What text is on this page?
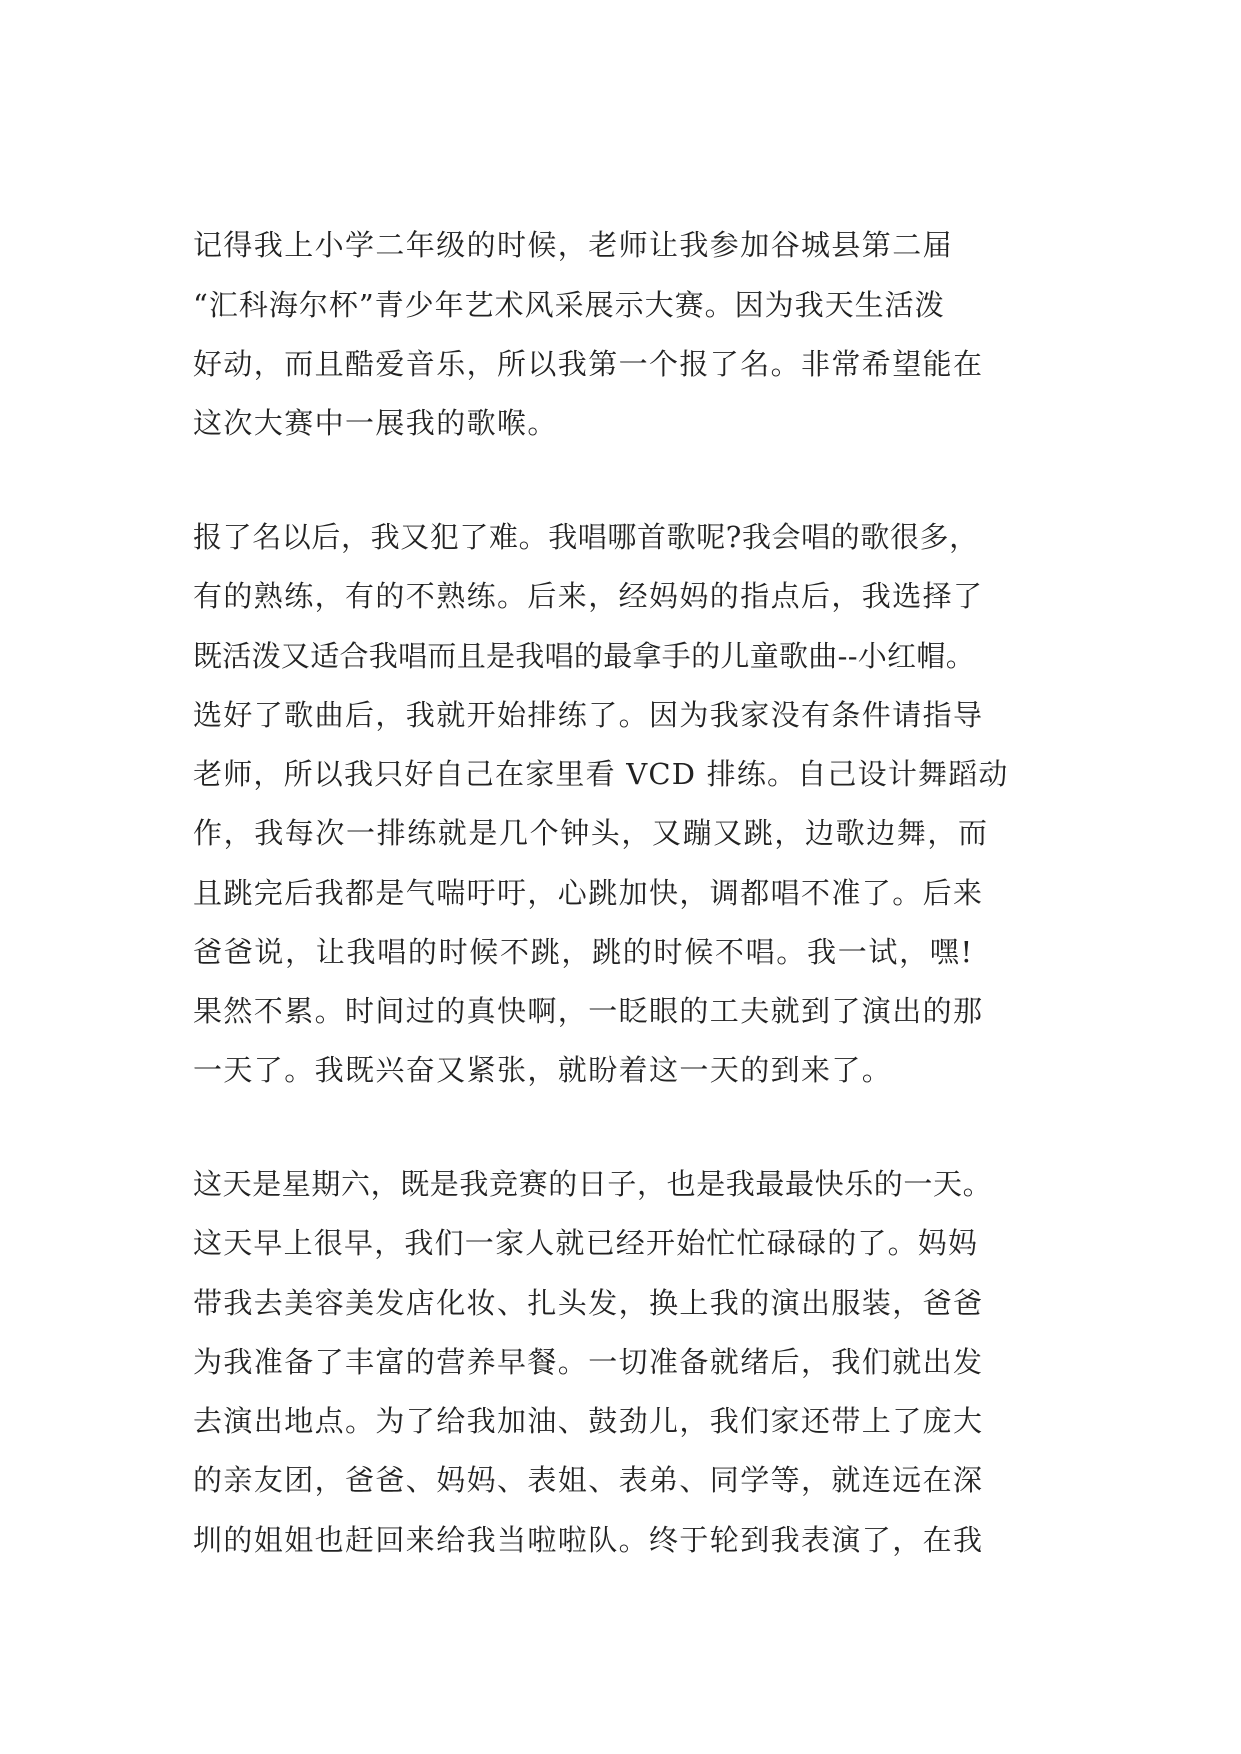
记得我上小学二年级的时候，老师让我参加谷城县第二届
“汇科海尔杯”青少年艺术风采展示大赛。因为我天生活泼
好动，而且酷爱音乐，所以我第一个报了名。非常希望能在
这次大赛中一展我的歌喉。
报了名以后，我又犯了难。我唱哪首歌呢?我会唱的歌很多，
有的熟练，有的不熟练。后来，经妈妈的指点后，我选择了
既活泼又适合我唱而且是我唱的最拿手的儿童歌曲--小红帽。
选好了歌曲后，我就开始排练了。因为我家没有条件请指导
老师，所以我只好自己在家里看 VCD 排练。自己设计舞蹈动
作，我每次一排练就是几个钟头，又蹦又跳，边歌边舞，而
且跳完后我都是气喘吁吁，心跳加快，调都唱不准了。后来
爸爸说，让我唱的时候不跳，跳的时候不唱。我一试，嘿!
果然不累。时间过的真快啊，一眨眼的工夫就到了演出的那
一天了。我既兴奋又紧张，就盼着这一天的到来了。
这天是星期六，既是我竞赛的日子，也是我最最快乐的一天。
这天早上很早，我们一家人就已经开始忙忙碌碌的了。妈妈
带我去美容美发店化妆、扎头发，换上我的演出服装，爸爸
为我准备了丰富的营养早餐。一切准备就绪后，我们就出发
去演出地点。为了给我加油、鼓劲儿，我们家还带上了庞大
的亲友团，爸爸、妈妈、表姐、表弟、同学等，就连远在深
圳的姐姐也赶回来给我当啦啦队。终于轮到我表演了，在我
